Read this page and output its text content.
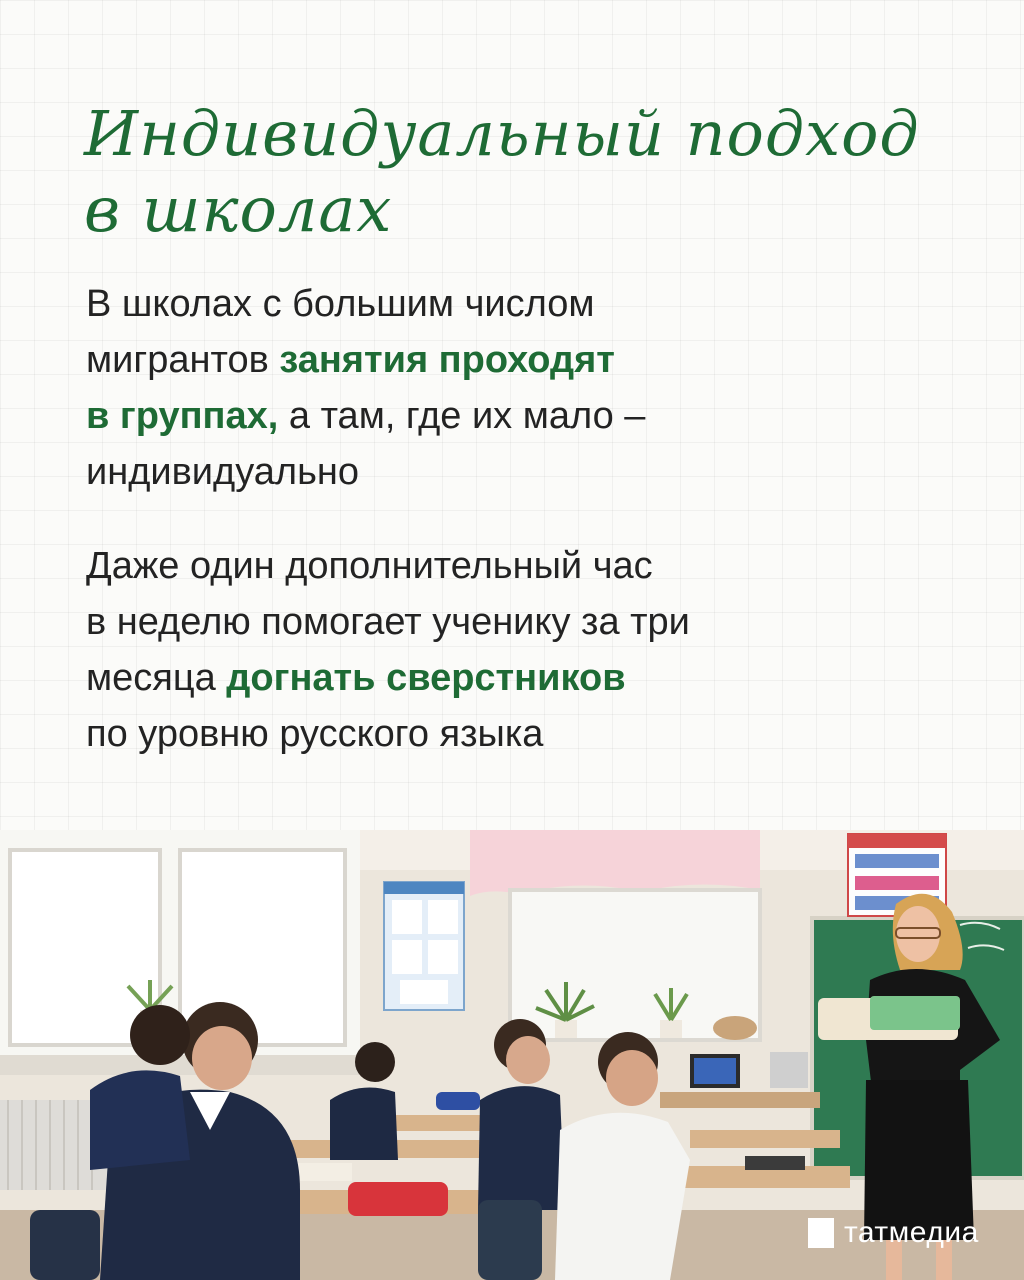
Индивидуальный подход
в школах

В школах с большим числом
мигрантов занятия проходят
в группах, а там, где их мало –
индивидуально

Даже один дополнительный час
в неделю помогает ученику за три
месяца догнать сверстников
по уровню русского языка

татмедиа
